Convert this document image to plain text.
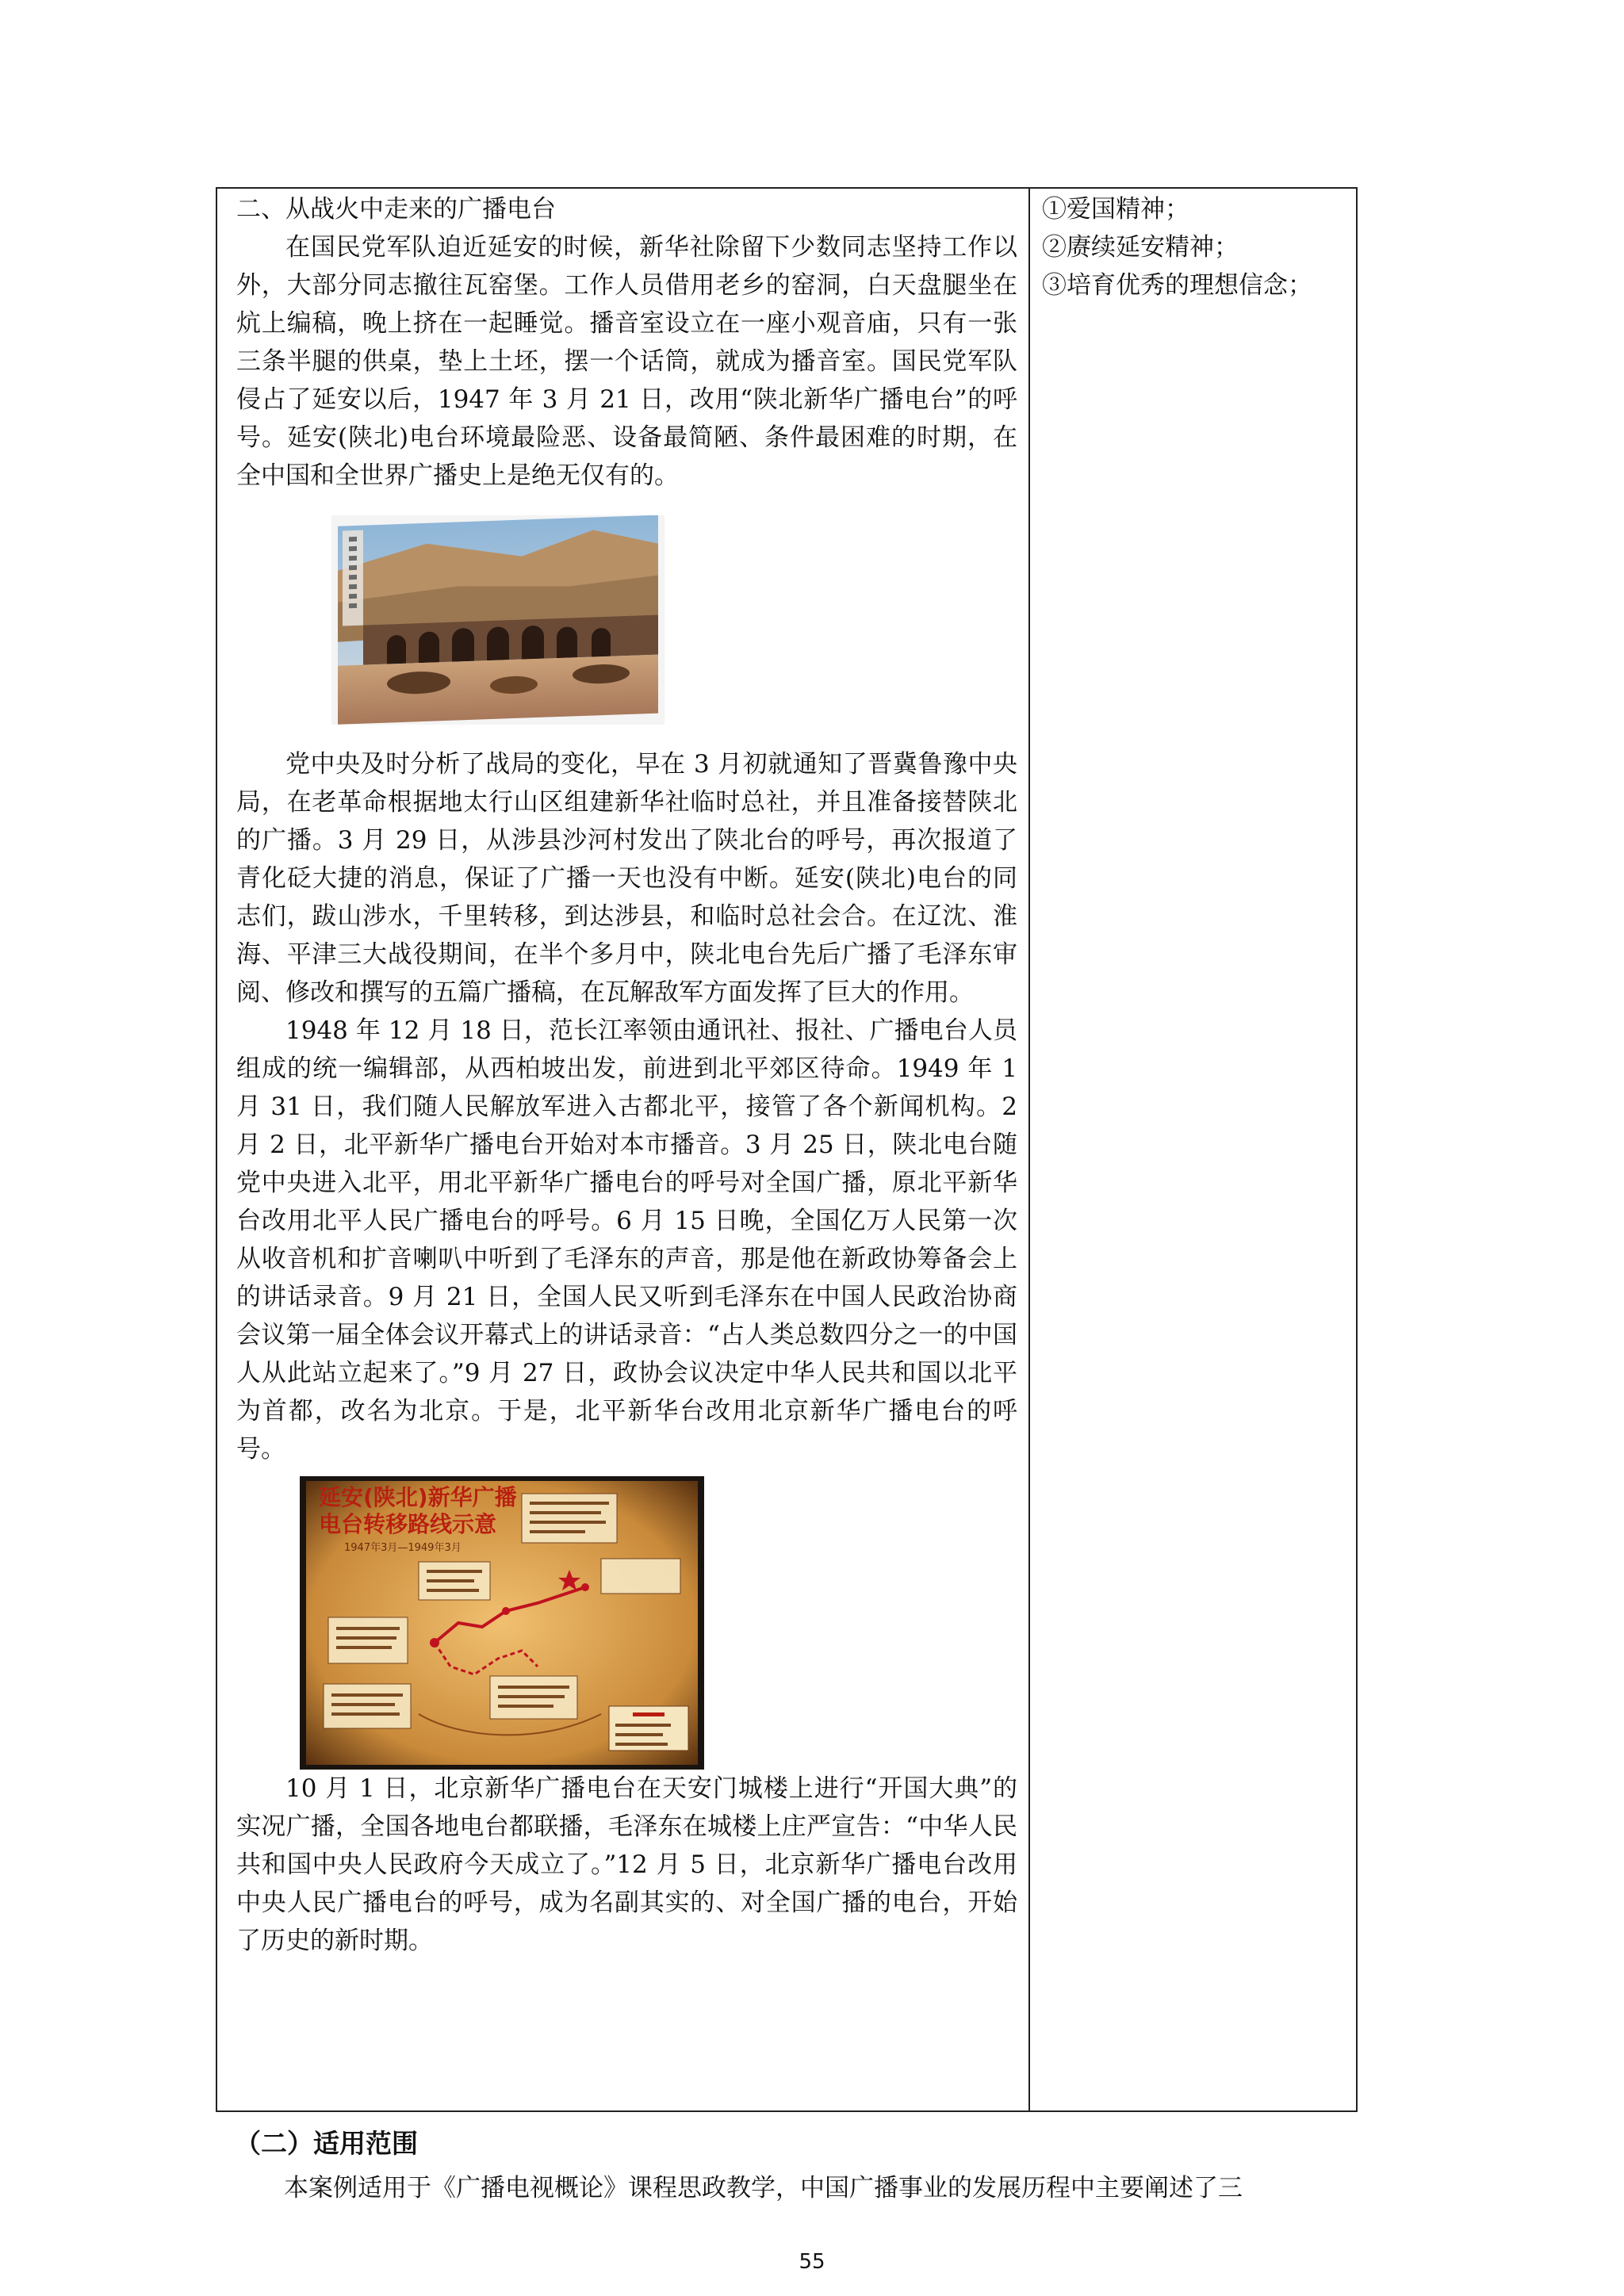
二、从战火中走来的广播电台

在国民党军队迫近延安的时候，新华社除留下少数同志坚持工作以外，大部分同志撤往瓦窑堡。工作人员借用老乡的窑洞，白天盘腿坐在炕上编稿，晚上挤在一起睡觉。播音室设立在一座小观音庙，只有一张三条半腿的供桌，垫上土坯，摆一个话筒，就成为播音室。国民党军队侵占了延安以后，1947 年 3 月 21 日，改用“陕北新华广播电台”的呼号。延安(陕北)电台环境最险恶、设备最简陋、条件最困难的时期，在全中国和全世界广播史上是绝无仅有的。

党中央及时分析了战局的变化，早在 3 月初就通知了晋冀鲁豫中央局，在老革命根据地太行山区组建新华社临时总社，并且准备接替陕北的广播。3 月 29 日，从涉县沙河村发出了陕北台的呼号，再次报道了青化砭大捷的消息，保证了广播一天也没有中断。延安(陕北)电台的同志们，跋山涉水，千里转移，到达涉县，和临时总社会合。在辽沈、淮海、平津三大战役期间，在半个多月中，陕北电台先后广播了毛泽东审阅、修改和撰写的五篇广播稿，在瓦解敌军方面发挥了巨大的作用。

1948 年 12 月 18 日，范长江率领由通讯社、报社、广播电台人员组成的统一编辑部，从西柏坡出发，前进到北平郊区待命。1949 年 1 月 31 日，我们随人民解放军进入古都北平，接管了各个新闻机构。2 月 2 日，北平新华广播电台开始对本市播音。3 月 25 日，陕北电台随党中央进入北平，用北平新华广播电台的呼号对全国广播，原北平新华台改用北平人民广播电台的呼号。6 月 15 日晚，全国亿万人民第一次从收音机和扩音喇叭中听到了毛泽东的声音，那是他在新政协筹备会上的讲话录音。9 月 21 日，全国人民又听到毛泽东在中国人民政治协商会议第一届全体会议开幕式上的讲话录音：“占人类总数四分之一的中国人从此站立起来了。”9 月 27 日，政协会议决定中华人民共和国以北平为首都，改名为北京。于是，北平新华台改用北京新华广播电台的呼号。

延安(陕北)新华广播
电台转移路线示意
1947年3月—1949年3月

10 月 1 日，北京新华广播电台在天安门城楼上进行“开国大典”的实况广播，全国各地电台都联播，毛泽东在城楼上庄严宣告：“中华人民共和国中央人民政府今天成立了。”12 月 5 日，北京新华广播电台改用中央人民广播电台的呼号，成为名副其实的、对全国广播的电台，开始了历史的新时期。

①爱国精神；

②赓续延安精神；

③培育优秀的理想信念；

（二）适用范围

本案例适用于《广播电视概论》课程思政教学，中国广播事业的发展历程中主要阐述了三

55
